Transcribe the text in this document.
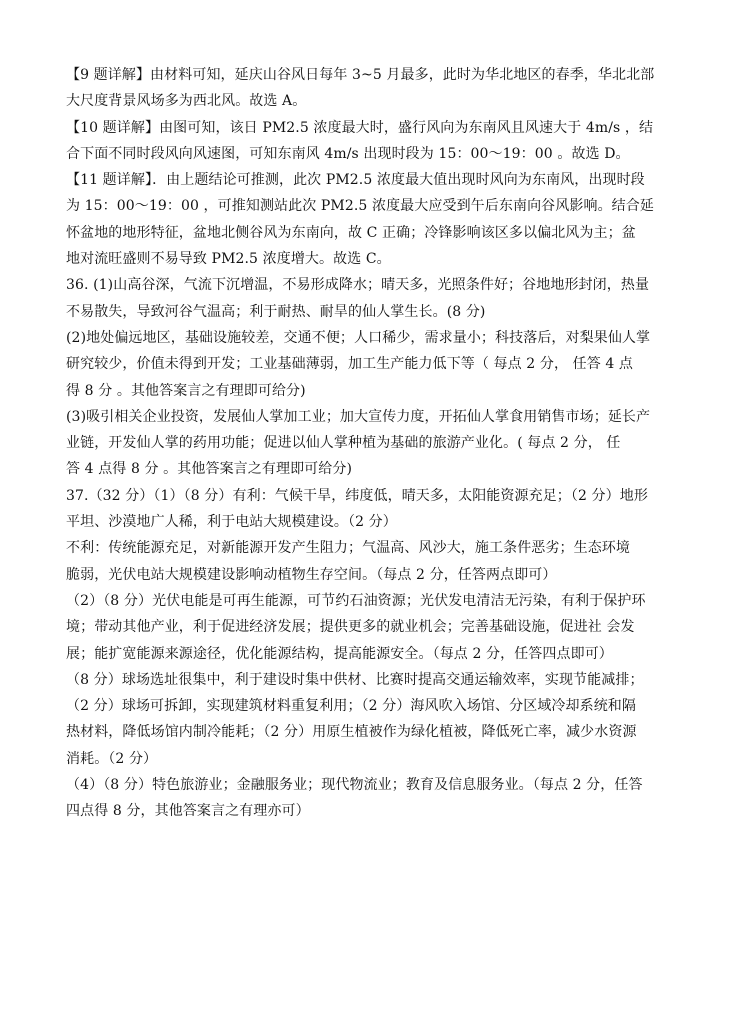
【9 题详解】由材料可知，延庆山谷风日每年 3~5 月最多，此时为华北地区的春季，华北北部
大尺度背景风场多为西北风。故选 A。
【10 题详解】由图可知，该日 PM2.5 浓度最大时，盛行风向为东南风且风速大于 4m/s ，结
合下面不同时段风向风速图，可知东南风 4m/s 出现时段为 15：00～19：00 。故选 D。
【11 题详解】．由上题结论可推测，此次 PM2.5 浓度最大值出现时风向为东南风，出现时段
为 15：00～19：00 ，可推知测站此次 PM2.5 浓度最大应受到午后东南向谷风影响。结合延
怀盆地的地形特征，盆地北侧谷风为东南向，故 C 正确；冷锋影响该区多以偏北风为主；盆
地对流旺盛则不易导致 PM2.5 浓度增大。故选 C。
36. (1)山高谷深，气流下沉增温，不易形成降水；晴天多，光照条件好；谷地地形封闭，热量
不易散失，导致河谷气温高；利于耐热、耐旱的仙人掌生长。(8 分)
(2)地处偏远地区，基础设施较差，交通不便；人口稀少，需求量小；科技落后，对梨果仙人掌
研究较少，价值未得到开发；工业基础薄弱，加工生产能力低下等（ 每点 2 分， 任答 4 点
得 8 分 。其他答案言之有理即可给分)
(3)吸引相关企业投资，发展仙人掌加工业；加大宣传力度，开拓仙人掌食用销售市场；延长产
业链，开发仙人掌的药用功能；促进以仙人掌种植为基础的旅游产业化。( 每点 2 分， 任
答 4 点得 8 分 。其他答案言之有理即可给分)
37.（32 分）（1）（8 分）有利：气候干旱，纬度低，晴天多，太阳能资源充足；（2 分）地形
平坦、沙漠地广人稀，利于电站大规模建设。（2 分）
不利：传统能源充足，对新能源开发产生阻力；气温高、风沙大，施工条件恶劣；生态环境
脆弱，光伏电站大规模建设影响动植物生存空间。（每点 2 分，任答两点即可）
（2）（8 分）光伏电能是可再生能源，可节约石油资源；光伏发电清洁无污染，有利于保护环
境；带动其他产业，利于促进经济发展；提供更多的就业机会；完善基础设施，促进社 会发
展；能扩宽能源来源途径，优化能源结构，提高能源安全。（每点 2 分，任答四点即可）
（8 分）球场选址很集中，利于建设时集中供材、比赛时提高交通运输效率，实现节能减排；
（2 分）球场可拆卸，实现建筑材料重复利用；（2 分）海风吹入场馆、分区域冷却系统和隔
热材料，降低场馆内制冷能耗；（2 分）用原生植被作为绿化植被，降低死亡率，减少水资源
消耗。（2 分）
（4）（8 分）特色旅游业；金融服务业；现代物流业；教育及信息服务业。（每点 2 分，任答
四点得 8 分，其他答案言之有理亦可）
